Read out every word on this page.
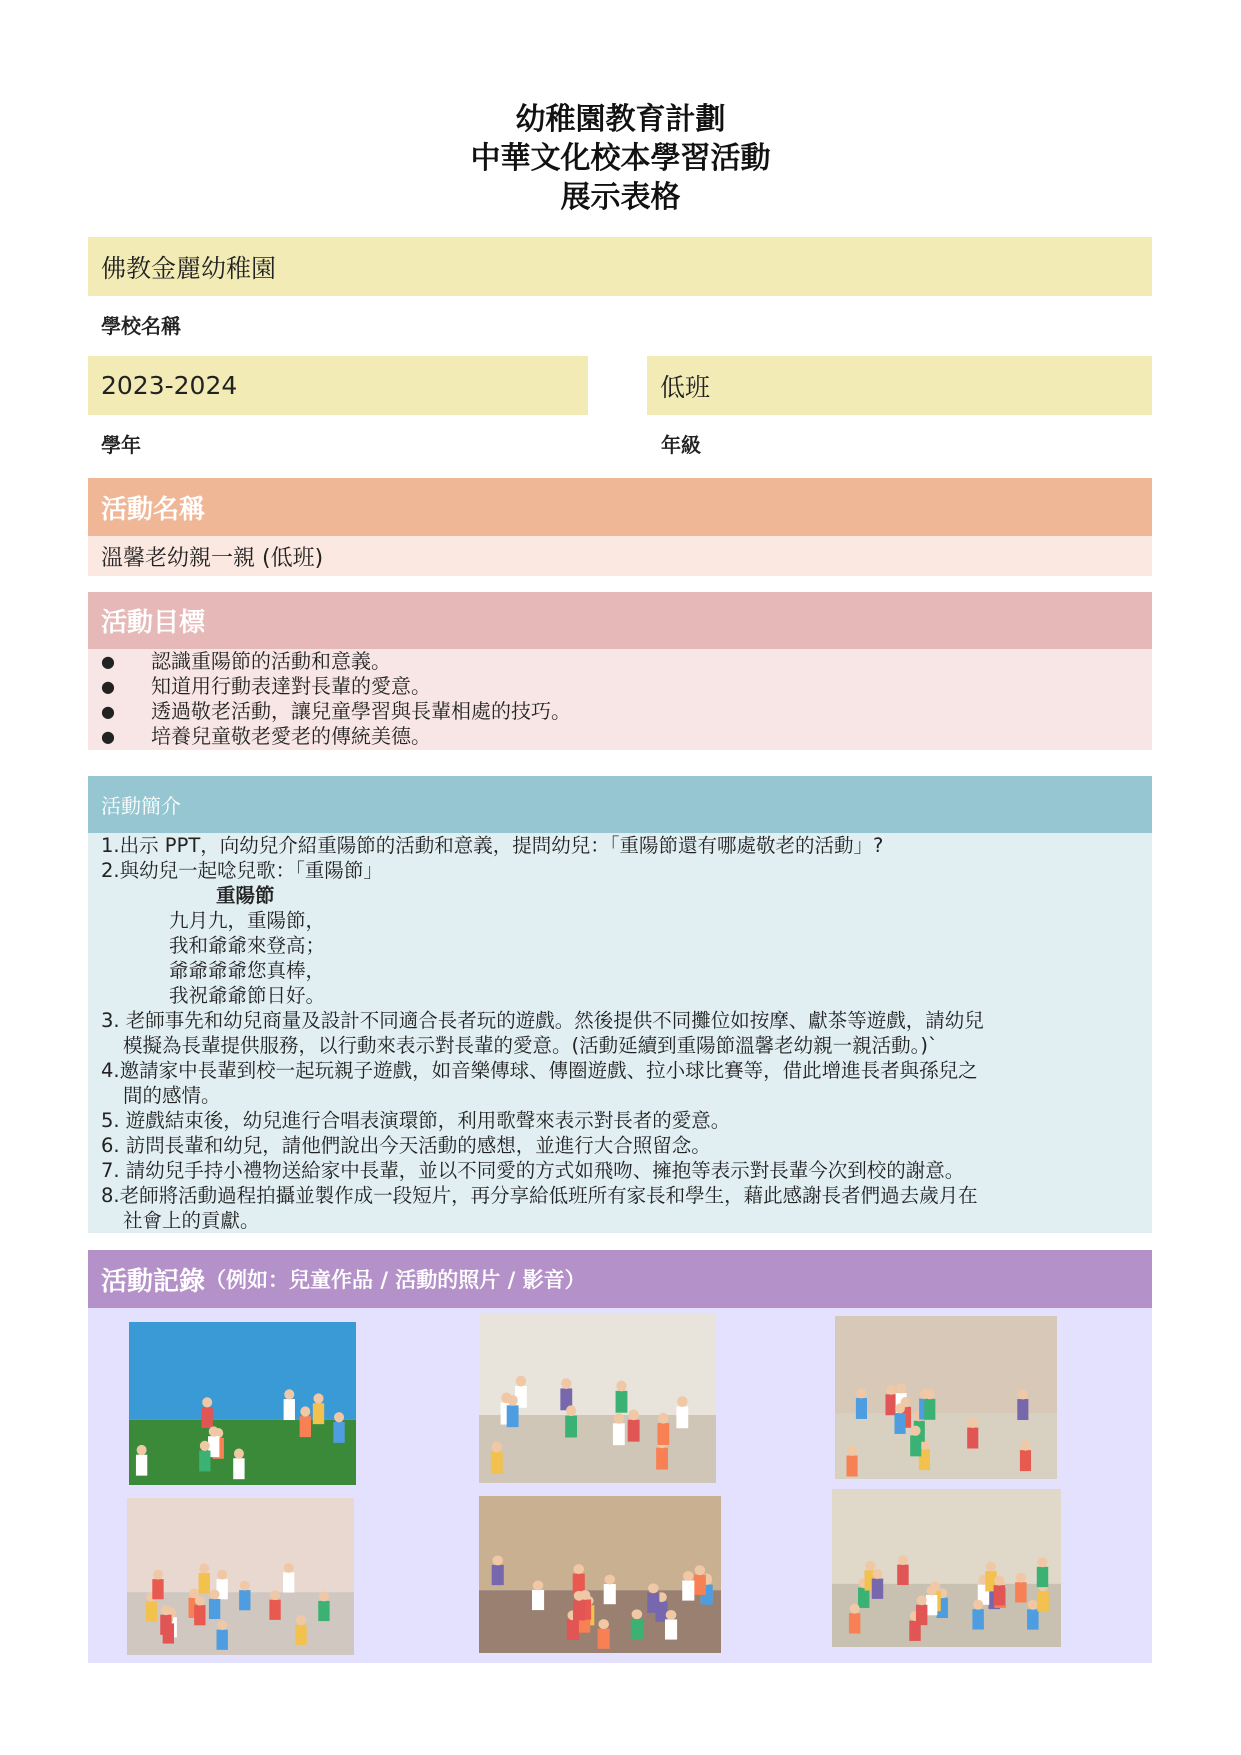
幼稚園教育計劃
中華文化校本學習活動
展示表格
佛教金麗幼稚園
學校名稱
2023-2024
學年
低班
年級
活動名稱
溫馨老幼親一親 (低班)
活動目標
●	認識重陽節的活動和意義。
●	知道用行動表達對長輩的愛意。
●	透過敬老活動，讓兒童學習與長輩相處的技巧。
●	培養兒童敬老愛老的傳統美德。
活動簡介
1.出示 PPT，向幼兒介紹重陽節的活動和意義，提問幼兒：「重陽節還有哪處敬老的活動」?
2.與幼兒一起唸兒歌：「重陽節」
重陽節
九月九，重陽節，
我和爺爺來登高；
爺爺爺爺您真棒，
我祝爺爺節日好。
3. 老師事先和幼兒商量及設計不同適合長者玩的遊戲。然後提供不同攤位如按摩、獻茶等遊戲，請幼兒
模擬為長輩提供服務，以行動來表示對長輩的愛意。(活動延續到重陽節溫馨老幼親一親活動。)`
4.邀請家中長輩到校一起玩親子遊戲，如音樂傳球、傳圈遊戲、拉小球比賽等，借此增進長者與孫兒之
間的感情。
5. 遊戲結束後，幼兒進行合唱表演環節，利用歌聲來表示對長者的愛意。
6. 訪問長輩和幼兒，請他們說出今天活動的感想，並進行大合照留念。
7. 請幼兒手持小禮物送給家中長輩，並以不同愛的方式如飛吻、擁抱等表示對長輩今次到校的謝意。
8.老師將活動過程拍攝並製作成一段短片，再分享給低班所有家長和學生，藉此感謝長者們過去歲月在
社會上的貢獻。
活動記錄 （例如：兒童作品 / 活動的照片 / 影音）
